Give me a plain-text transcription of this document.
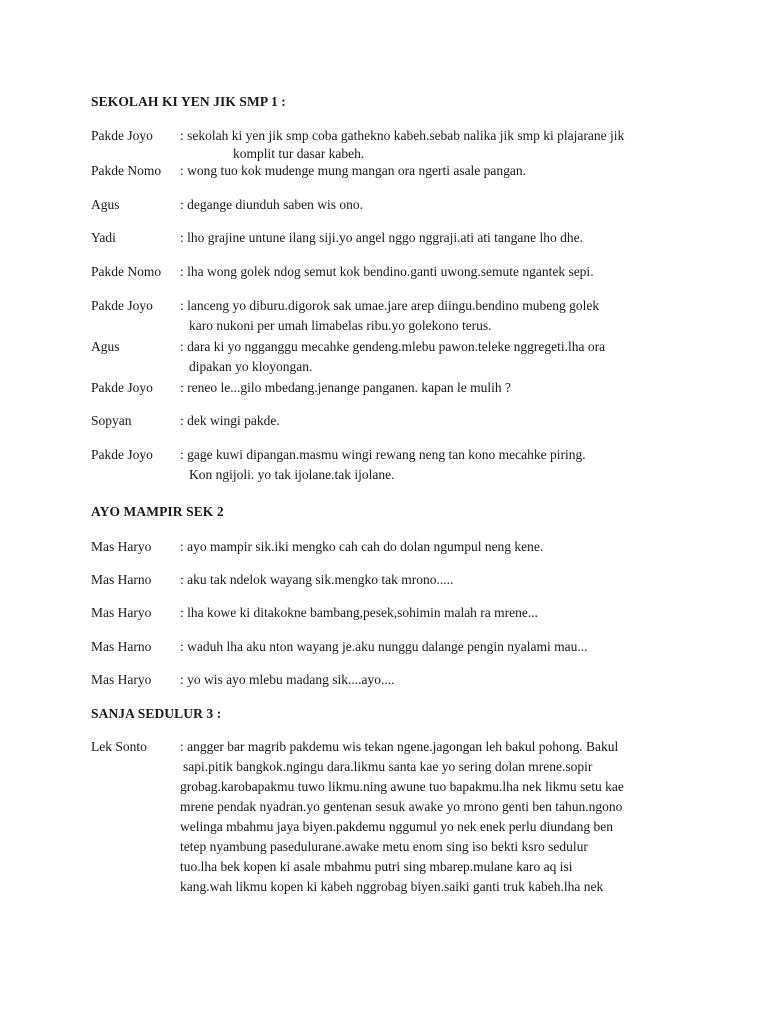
SEKOLAH KI YEN JIK SMP 1 :
Pakde Joyo : sekolah ki yen jik smp coba gathekno kabeh.sebab nalika jik smp ki plajarane jik
komplit tur dasar kabeh.
Pakde Nomo : wong tuo kok mudenge mung mangan ora ngerti asale pangan.
Agus	: degange diunduh saben wis ono.
Yadi	: lho grajine untune ilang siji.yo angel nggo nggraji.ati ati tangane lho dhe.
Pakde Nomo : lha wong golek ndog semut kok bendino.ganti uwong.semute ngantek sepi.
Pakde Joyo : lanceng yo diburu.digorok sak umae.jare arep diingu.bendino mubeng golek
karo nukoni per umah limabelas ribu.yo golekono terus.
Agus	: dara ki yo ngganggu mecahke gendeng.mlebu pawon.teleke nggregeti.lha ora
dipakan yo kloyongan.
Pakde Joyo : reneo le...gilo mbedang.jenange panganen. kapan le mulih ?
Sopyan	: dek wingi pakde.
Pakde Joyo : gage kuwi dipangan.masmu wingi rewang neng tan kono mecahke piring.
Kon ngijoli. yo tak ijolane.tak ijolane.
AYO MAMPIR SEK 2
Mas Haryo : ayo mampir sik.iki mengko cah cah do dolan ngumpul neng kene.
Mas Harno : aku tak ndelok wayang sik.mengko tak mrono.....
Mas Haryo : lha kowe ki ditakokne bambang,pesek,sohimin malah ra mrene...
Mas Harno : waduh lha aku nton wayang je.aku nunggu dalange pengin nyalami mau...
Mas Haryo : yo wis ayo mlebu madang sik....ayo....
SANJA SEDULUR 3 :
Lek Sonto : angger bar magrib pakdemu wis tekan ngene.jagongan leh bakul pohong. Bakul
sapi.pitik bangkok.ngingu dara.likmu santa kae yo sering dolan mrene.sopir
grobag.karobapakmu tuwo likmu.ning awune tuo bapakmu.lha nek likmu setu kae
mrene pendak nyadran.yo gentenan sesuk awake yo mrono genti ben tahun.ngono
welinga mbahmu jaya biyen.pakdemu nggumul yo nek enek perlu diundang ben
tetep nyambung pasedulurane.awake metu enom sing iso bekti ksro sedulur
tuo.lha bek kopen ki asale mbahmu putri sing mbarep.mulane karo aq isi
kang.wah likmu kopen ki kabeh nggrobag biyen.saiki ganti truk kabeh.lha nek
